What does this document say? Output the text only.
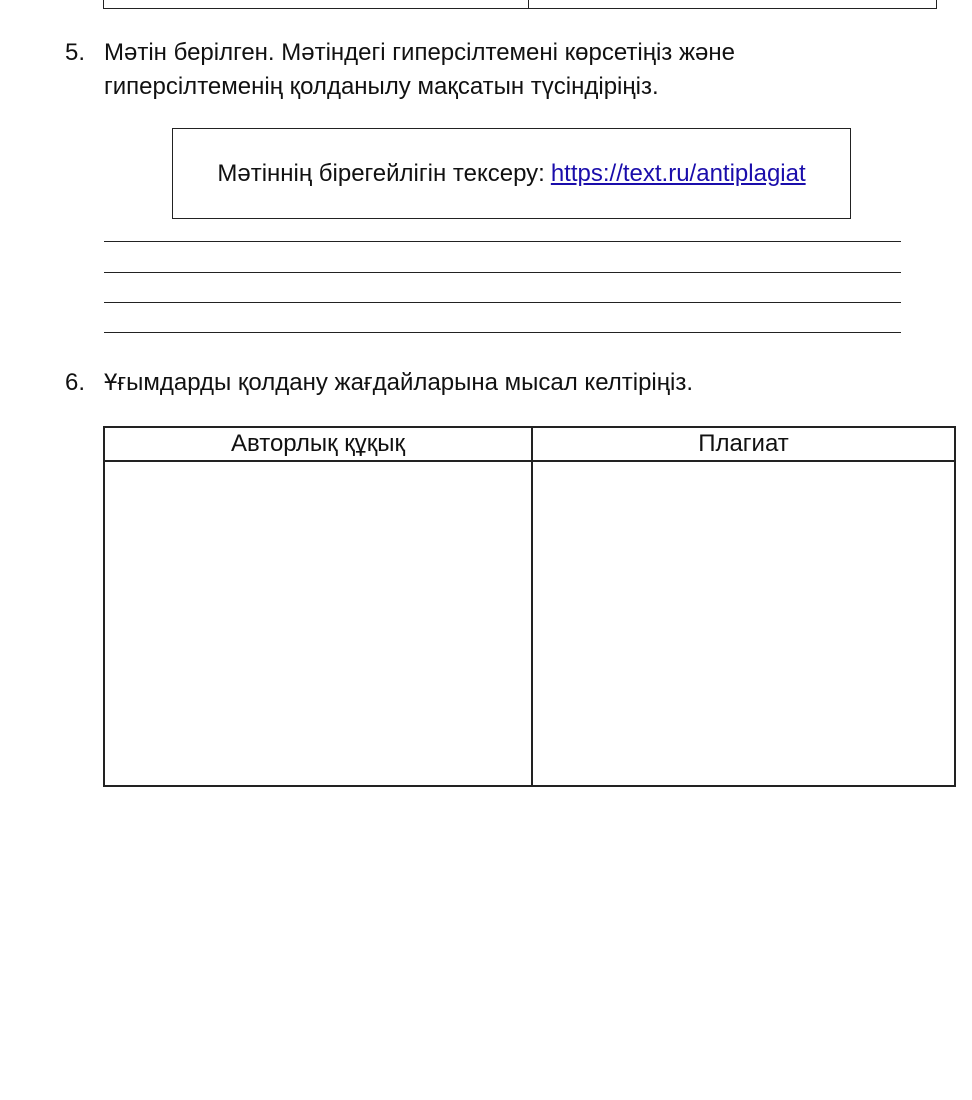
5. Мәтін берілген. Мәтіндегі гиперсілтемені көрсетіңіз және
гиперсілтеменің қолданылу мақсатын түсіндіріңіз.
Мәтіннің бірегейлігін тексеру: https://text.ru/antiplagiat
6. Ұғымдарды қолдану жағдайларына мысал келтіріңіз.
Авторлық құқық	Плагиат
